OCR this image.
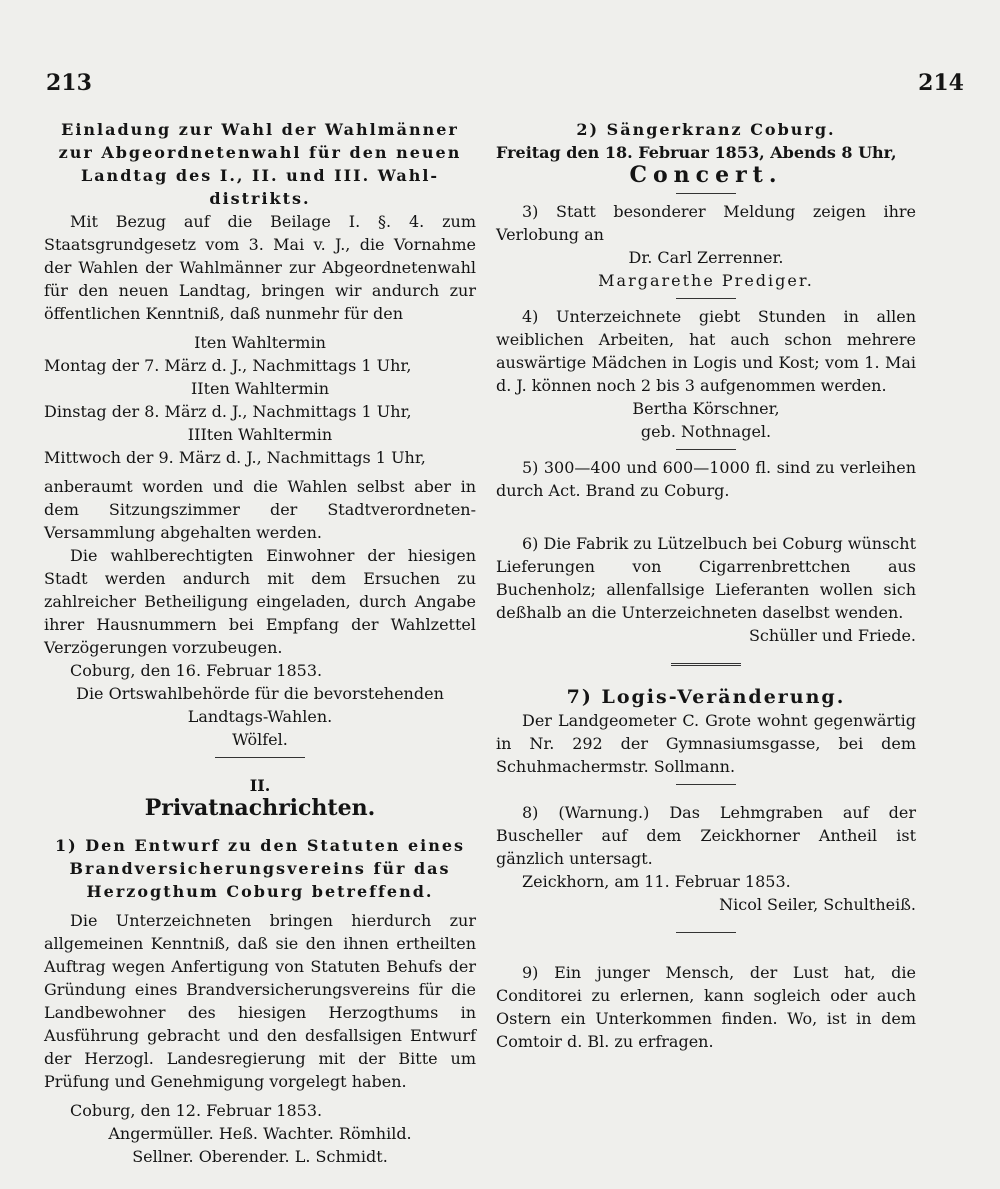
213	214

Einladung zur Wahl der Wahlmänner

zur Abgeordnetenwahl für den neuen

Landtag des I., II. und III. Wahl-

distrikts.

Mit Bezug auf die Beilage I. §. 4. zum Staatsgrundgesetz vom 3. Mai v. J., die Vornahme der Wahlen der Wahlmänner zur Abgeordnetenwahl für den neuen Landtag, bringen wir andurch zur öffentlichen Kenntniß, daß nunmehr für den

Iten Wahltermin

Montag der 7. März d. J., Nachmittags 1 Uhr,

IIten Wahltermin

Dinstag der 8. März d. J., Nachmittags 1 Uhr,

IIIten Wahltermin

Mittwoch der 9. März d. J., Nachmittags 1 Uhr,

anberaumt worden und die Wahlen selbst aber in dem Sitzungszimmer der Stadtverordneten-Versammlung abgehalten werden.

Die wahlberechtigten Einwohner der hiesigen Stadt werden andurch mit dem Ersuchen zu zahlreicher Betheiligung eingeladen, durch Angabe ihrer Hausnummern bei Empfang der Wahlzettel Verzögerungen vorzubeugen.

Coburg, den 16. Februar 1853.

Die Ortswahlbehörde für die bevorstehenden

Landtags-Wahlen.

Wölfel.

II.

Privatnachrichten.

1) Den Entwurf zu den Statuten eines

Brandversicherungsvereins für das

Herzogthum Coburg betreffend.

Die Unterzeichneten bringen hierdurch zur allgemeinen Kenntniß, daß sie den ihnen ertheilten Auftrag wegen Anfertigung von Statuten Behufs der Gründung eines Brandversicherungsvereins für die Landbewohner des hiesigen Herzogthums in Ausführung gebracht und den desfallsigen Entwurf der Herzogl. Landesregierung mit der Bitte um Prüfung und Genehmigung vorgelegt haben.

Coburg, den 12. Februar 1853.

Angermüller. Heß. Wachter. Römhild.

Sellner. Oberender. L. Schmidt.

2) Sängerkranz Coburg.

Freitag den 18. Februar 1853, Abends 8 Uhr,

Concert.

3) Statt besonderer Meldung zeigen ihre Verlobung an

Dr. Carl Zerrenner.

Margarethe Prediger.

4) Unterzeichnete giebt Stunden in allen weiblichen Arbeiten, hat auch schon mehrere auswärtige Mädchen in Logis und Kost; vom 1. Mai d. J. können noch 2 bis 3 aufgenommen werden.

Bertha Körschner,

geb. Nothnagel.

5) 300—400 und 600—1000 fl. sind zu verleihen durch Act. Brand zu Coburg.

6) Die Fabrik zu Lützelbuch bei Coburg wünscht Lieferungen von Cigarrenbrettchen aus Buchenholz; allenfallsige Lieferanten wollen sich deßhalb an die Unterzeichneten daselbst wenden.

Schüller und Friede.

7) Logis-Veränderung.

Der Landgeometer C. Grote wohnt gegenwärtig in Nr. 292 der Gymnasiumsgasse, bei dem Schuhmachermstr. Sollmann.

8) (Warnung.) Das Lehmgraben auf der Buscheller auf dem Zeickhorner Antheil ist gänzlich untersagt.

Zeickhorn, am 11. Februar 1853.

Nicol Seiler, Schultheiß.

9) Ein junger Mensch, der Lust hat, die Conditorei zu erlernen, kann sogleich oder auch Ostern ein Unterkommen finden. Wo, ist in dem Comtoir d. Bl. zu erfragen.
